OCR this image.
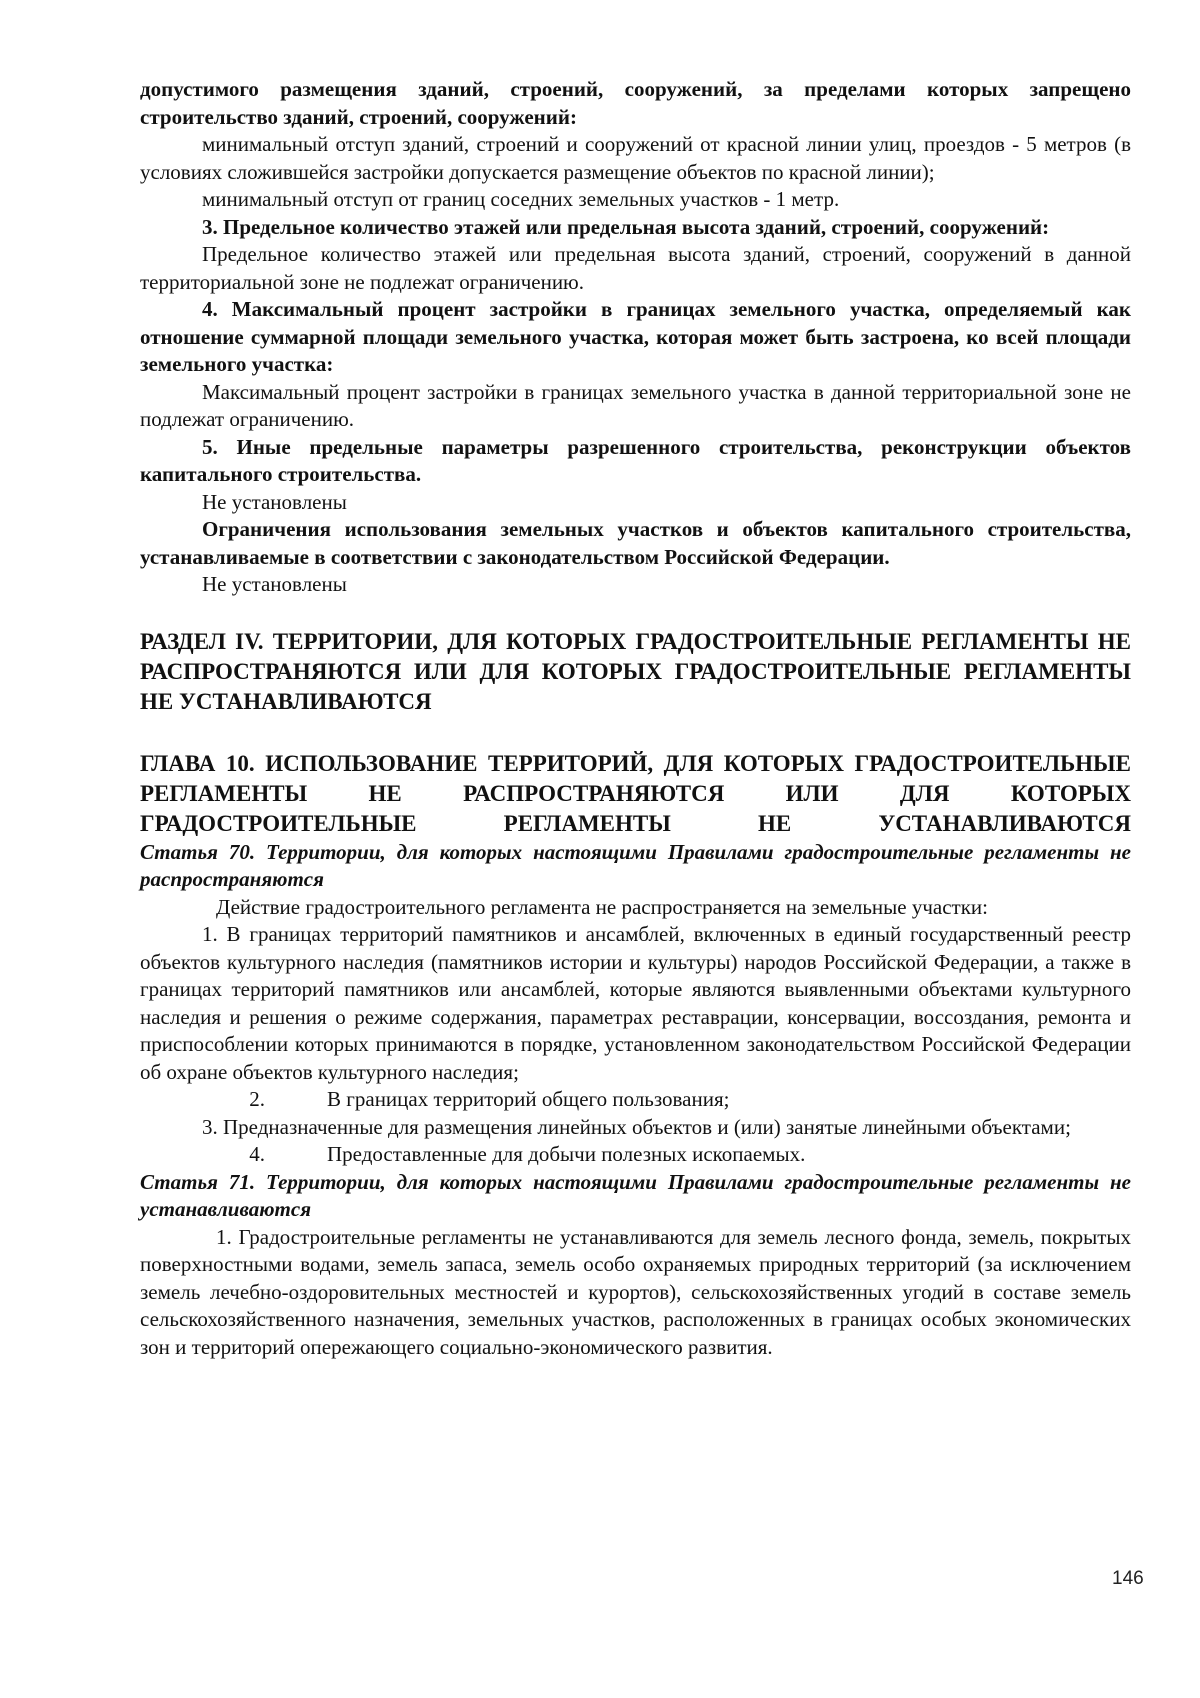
допустимого размещения зданий, строений, сооружений, за пределами которых запрещено строительство зданий, строений, сооружений:

минимальный отступ зданий, строений и сооружений от красной линии улиц, проездов - 5 метров (в условиях сложившейся застройки допускается размещение объектов по красной линии);

минимальный отступ от границ соседних земельных участков - 1 метр.

3. Предельное количество этажей или предельная высота зданий, строений, сооружений:

Предельное количество этажей или предельная высота зданий, строений, сооружений в данной территориальной зоне не подлежат ограничению.

4. Максимальный процент застройки в границах земельного участка, определяемый как отношение суммарной площади земельного участка, которая может быть застроена, ко всей площади земельного участка:

Максимальный процент застройки в границах земельного участка в данной территориальной зоне не подлежат ограничению.

5. Иные предельные параметры разрешенного строительства, реконструкции объектов капитального строительства.

Не установлены

Ограничения использования земельных участков и объектов капитального строительства, устанавливаемые в соответствии с законодательством Российской Федерации.

Не установлены

РАЗДЕЛ IV. ТЕРРИТОРИИ, ДЛЯ КОТОРЫХ ГРАДОСТРОИТЕЛЬНЫЕ РЕГЛАМЕНТЫ НЕ РАСПРОСТРАНЯЮТСЯ ИЛИ ДЛЯ КОТОРЫХ ГРАДОСТРОИТЕЛЬНЫЕ РЕГЛАМЕНТЫ НЕ УСТАНАВЛИВАЮТСЯ

ГЛАВА 10. ИСПОЛЬЗОВАНИЕ ТЕРРИТОРИЙ, ДЛЯ КОТОРЫХ ГРАДОСТРОИТЕЛЬНЫЕ РЕГЛАМЕНТЫ НЕ РАСПРОСТРАНЯЮТСЯ ИЛИ ДЛЯ КОТОРЫХ ГРАДОСТРОИТЕЛЬНЫЕ РЕГЛАМЕНТЫ НЕ УСТАНАВЛИВАЮТСЯ

Статья 70. Территории, для которых настоящими Правилами градостроительные регламенты не распространяются

Действие градостроительного регламента не распространяется на земельные участки:

1. В границах территорий памятников и ансамблей, включенных в единый государственный реестр объектов культурного наследия (памятников истории и культуры) народов Российской Федерации, а также в границах территорий памятников или ансамблей, которые являются выявленными объектами культурного наследия и решения о режиме содержания, параметрах реставрации, консервации, воссоздания, ремонта и приспособлении которых принимаются в порядке, установленном законодательством Российской Федерации об охране объектов культурного наследия;

2.	В границах территорий общего пользования;

3. Предназначенные для размещения линейных объектов и (или) занятые линейными объектами;

4.	Предоставленные для добычи полезных ископаемых.

Статья 71. Территории, для которых настоящими Правилами градостроительные регламенты не устанавливаются

1. Градостроительные регламенты не устанавливаются для земель лесного фонда, земель, покрытых поверхностными водами, земель запаса, земель особо охраняемых природных территорий (за исключением земель лечебно-оздоровительных местностей и курортов), сельскохозяйственных угодий в составе земель сельскохозяйственного назначения, земельных участков, расположенных в границах особых экономических зон и территорий опережающего социально-экономического развития.

146
